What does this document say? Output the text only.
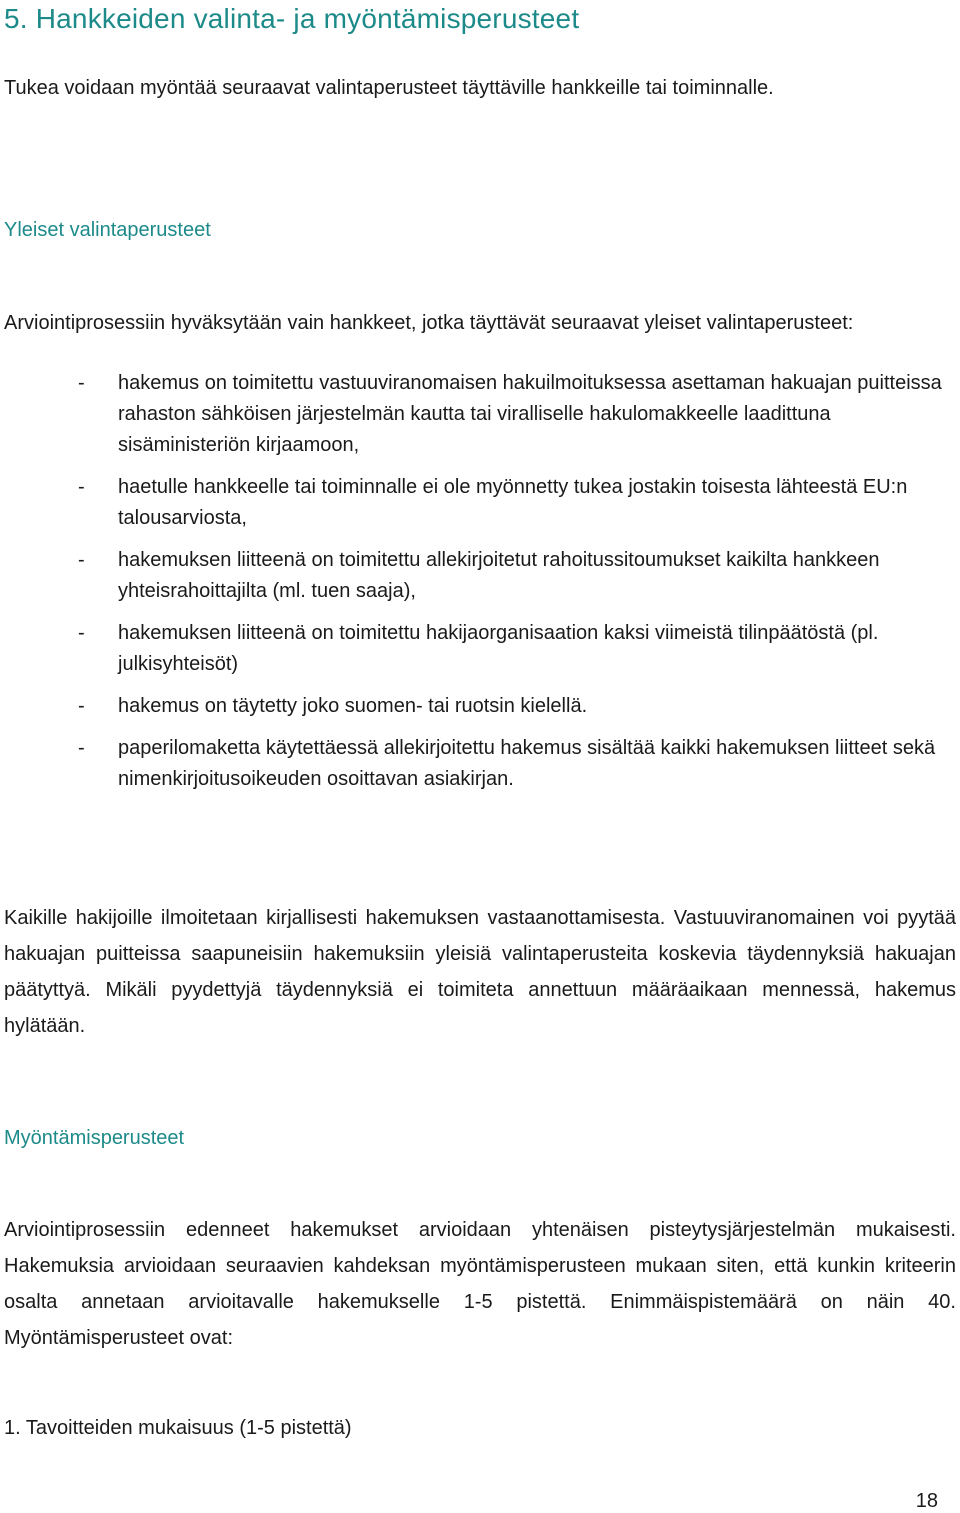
5. Hankkeiden valinta- ja myöntämisperusteet

Tukea voidaan myöntää seuraavat valintaperusteet täyttäville hankkeille tai toiminnalle.

Yleiset valintaperusteet

Arviointiprosessiin hyväksytään vain hankkeet, jotka täyttävät seuraavat yleiset valintaperusteet:

-	hakemus on toimitettu vastuuviranomaisen hakuilmoituksessa asettaman hakuajan puitteissa rahaston sähköisen järjestelmän kautta tai viralliselle hakulomakkeelle laadittuna sisäministeriön kirjaamoon,
-	haetulle hankkeelle tai toiminnalle ei ole myönnetty tukea jostakin toisesta lähteestä EU:n talousarviosta,
-	hakemuksen liitteenä on toimitettu allekirjoitetut rahoitussitoumukset kaikilta hankkeen yhteisrahoittajilta (ml. tuen saaja),
-	hakemuksen liitteenä on toimitettu hakijaorganisaation kaksi viimeistä tilinpäätöstä (pl. julkisyhteisöt)
-	hakemus on täytetty joko suomen- tai ruotsin kielellä.
-	paperilomaketta käytettäessä allekirjoitettu hakemus sisältää kaikki hakemuksen liitteet sekä nimenkirjoitusoikeuden osoittavan asiakirjan.

Kaikille hakijoille ilmoitetaan kirjallisesti hakemuksen vastaanottamisesta. Vastuuviranomainen voi pyytää hakuajan puitteissa saapuneisiin hakemuksiin yleisiä valintaperusteita koskevia täydennyksiä hakuajan päätyttyä. Mikäli pyydettyjä täydennyksiä ei toimiteta annettuun määräaikaan mennessä, hakemus hylätään.

Myöntämisperusteet

Arviointiprosessiin edenneet hakemukset arvioidaan yhtenäisen pisteytysjärjestelmän mukaisesti. Hakemuksia arvioidaan seuraavien kahdeksan myöntämisperusteen mukaan siten, että kunkin kriteerin osalta annetaan arvioitavalle hakemukselle 1-5 pistettä. Enimmäispistemäärä on näin 40. Myöntämisperusteet ovat:

1. Tavoitteiden mukaisuus (1-5 pistettä)

18
